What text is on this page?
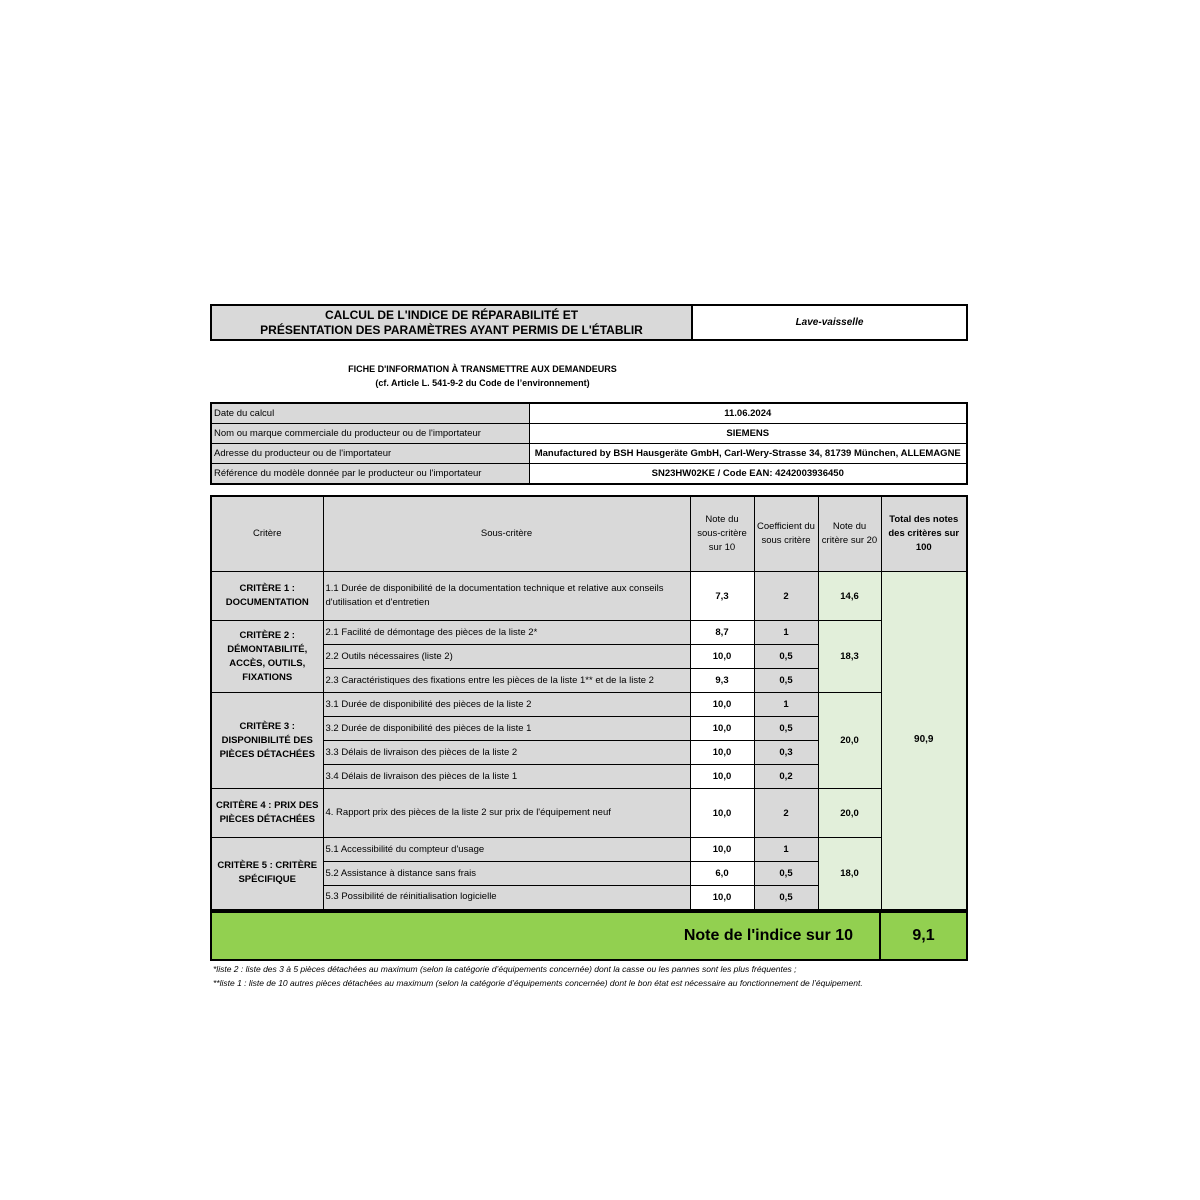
CALCUL DE L'INDICE DE RÉPARABILITÉ ET
PRÉSENTATION DES PARAMÈTRES AYANT PERMIS DE L'ÉTABLIR	Lave-vaisselle
FICHE D'INFORMATION À TRANSMETTRE AUX DEMANDEURS
(cf. Article L. 541-9-2 du Code de l’environnement)
Date du calcul	11.06.2024
Nom ou marque commerciale du producteur ou de l'importateur	SIEMENS
Adresse du producteur ou de l'importateur	Manufactured by BSH Hausgeräte GmbH, Carl-Wery-Strasse 34, 81739 München, ALLEMAGNE
Référence du modèle donnée par le producteur ou l'importateur	SN23HW02KE / Code EAN: 4242003936450
Critère	Sous-critère	Note du sous-critère sur 10	Coefficient du sous critère	Note du critère sur 20	Total des notes des critères sur 100
CRITÈRE 1 : DOCUMENTATION	1.1 Durée de disponibilité de la documentation technique et relative aux conseils d'utilisation et d'entretien	7,3	2	14,6	90,9
CRITÈRE 2 : DÉMONTABILITÉ, ACCÈS, OUTILS, FIXATIONS	2.1 Facilité de démontage des pièces de la liste 2*	8,7	1	18,3	
	2.2 Outils nécessaires (liste 2)	10,0	0,5		
	2.3 Caractéristiques des fixations entre les pièces de la liste 1** et de la liste 2	9,3	0,5		
CRITÈRE 3 : DISPONIBILITÉ DES PIÈCES DÉTACHÉES	3.1 Durée de disponibilité des pièces de la liste 2	10,0	1	20,0	
	3.2 Durée de disponibilité des pièces de la liste 1	10,0	0,5		
	3.3 Délais de livraison des pièces de la liste 2	10,0	0,3		
	3.4 Délais de livraison des pièces de la liste 1	10,0	0,2		
CRITÈRE 4 : PRIX DES PIÈCES DÉTACHÉES	4. Rapport prix des pièces de la liste 2 sur prix de l'équipement neuf	10,0	2	20,0	
CRITÈRE 5 : CRITÈRE SPÉCIFIQUE	5.1 Accessibilité du compteur d'usage	10,0	1	18,0	
	5.2 Assistance à distance sans frais	6,0	0,5		
	5.3 Possibilité de réinitialisation logicielle	10,0	0,5		
Note de l'indice sur 10	9,1
*liste 2 : liste des 3 à 5 pièces détachées au maximum (selon la catégorie d’équipements concernée) dont la casse ou les pannes sont les plus fréquentes ;
**liste 1 : liste de 10 autres pièces détachées au maximum (selon la catégorie d’équipements concernée) dont le bon état est nécessaire au fonctionnement de l’équipement.
